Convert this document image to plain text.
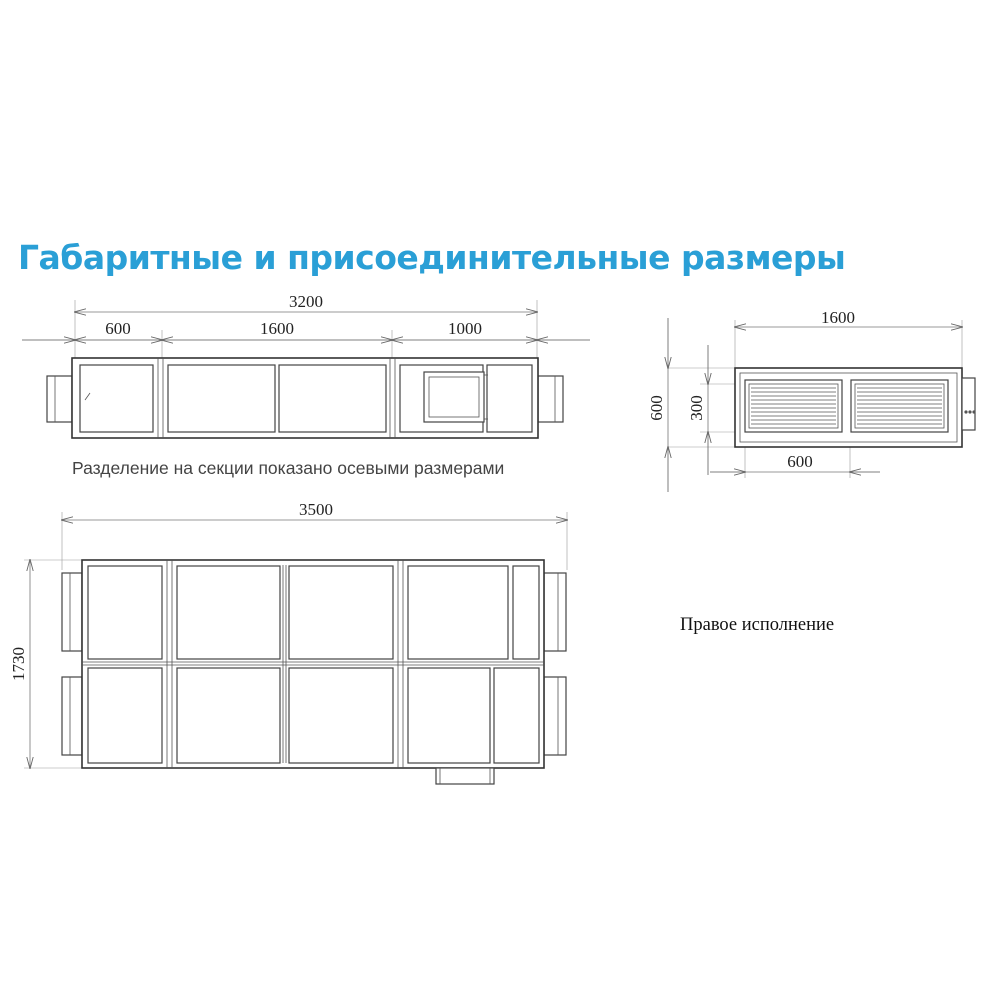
Габаритные и присоединительные размеры
3200
600	1600	1000
Разделение на секции показано осевыми размерами
1600
600 300
600
3500
1730
Правое исполнение
